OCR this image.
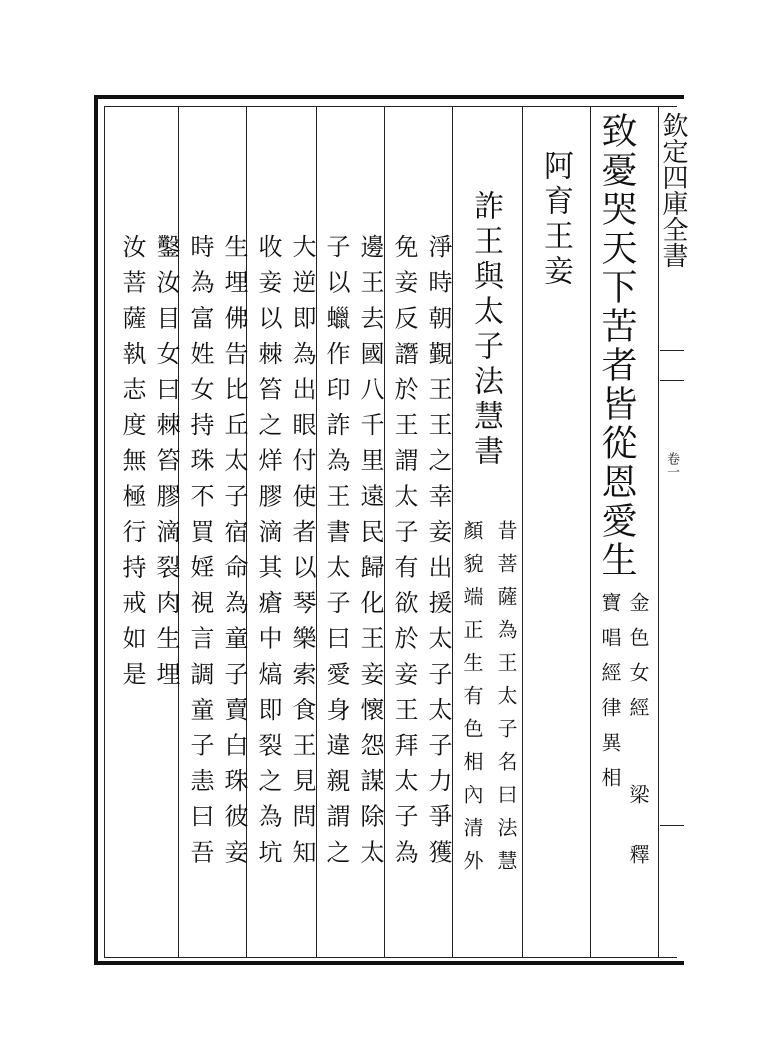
欽定四庫全書
卷一
致憂哭天下苦者皆從恩愛生
金色女經
寶唱經律異相
梁 釋
阿育王妾
詐王與太子法慧書
昔菩薩為王太子名曰法慧
顏貌端正生有色相內清外
淨時朝覲王王之幸妾出援太子太子力爭獲
免妾反譖於王謂太子有欲於妾王拜太子為
子以蠟作印詐為王書太子曰愛身違親謂之
收妾以棘笞之烊膠滴其瘡中熇即裂之為坑
時為富姓女持珠不買婬視言調童子恚曰吾	邊王去國八千里遠民歸化王妾懷怨謀除太
大逆即為出眼付使者以琴樂索食王見問知
生埋佛告比丘太子宿命為童子賣白珠彼妾
鑿汝目女曰棘笞膠滴裂肉生埋
汝菩薩執志度無極行持戒如是
